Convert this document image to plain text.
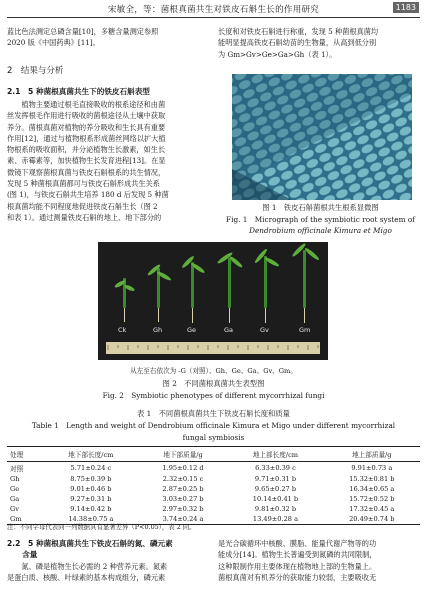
宋敏全，等：菌根真菌共生对铁皮石斛生长的作用研究	1183
蓝比色法测定总磷含量[10]，多糖含量测定参照
2020 版《中国药典》[11]。
2　结果与分析
2.1　5 种菌根真菌共生下的铁皮石斛表型
　　植物主要通过根毛直接吸收的根系途径和由菌
丝发挥根毛作用进行吸收的菌根途径从土壤中获取
养分。菌根真菌对植物的养分吸收和生长具有重要
作用[12]，通过与植物根系形成菌丝网络以扩大植
物根系的吸收面积，并分泌植物生长激素，如生长
素、赤霉素等，加快植物生长发育进程[13]。在显
微镜下观察菌根真菌与铁皮石斛根系的共生情况，
发现 5 种菌根真菌都可与铁皮石斛形成共生关系
(图 1)，与铁皮石斛共生培养 180 d 后发现 5 种菌
根真菌均能不同程度地促进铁皮石斛生长（图 2
和表 1）。通过测量铁皮石斛的地上、地下部分的
长度和对铁皮石斛进行称重，发现 5 种菌根真菌均
能明显提高铁皮石斛幼苗的生物量，从高到低分别
为 Gm>Gv>Ge>Ga>Gh（表 1）。
图 1　铁皮石斛菌根共生根系显微图
Fig. 1　Micrograph of the symbiotic root system of
Dendrobium officinale Kimura et Migo
Ck	Gh	Ge	Ga	Gv	Gm
从左至右依次为 -G（对照）、Gh、Ge、Ga、Gv、Gm。
图 2　不同菌根真菌共生表型图
Fig. 2　Symbiotic phenotypes of different mycorrhizal fungi
表 1　不同菌根真菌共生下铁皮石斛长度和质量
Table 1　Length and weight of Dendrobium officinale Kimura et Migo under different mycorrhizal
fungal symbiosis
处理	地下部长度/cm	地下部质量/g	地上部长度/cm	地上部质量/g
对照	5.71±0.24 c	1.95±0.12 d	6.33±0.39 c	9.91±0.73 a
Gh	8.75±0.39 b	2.32±0.15 c	9.71±0.31 b	15.32±0.81 b
Ge	9.01±0.46 b	2.87±0.25 b	9.65±0.27 b	16.34±0.65 a
Ga	9.27±0.31 b	3.03±0.27 b	10.14±0.41 b	15.72±0.52 b
Gv	9.14±0.42 b	2.97±0.32 b	9.81±0.32 b	17.32±0.45 a
Gm	14.38±0.75 a	3.74±0.24 a	13.49±0.28 a	20.49±0.74 b
注：不同字母代表同一列数据具有显著差异（P<0.05），表 2 同。
2.2　5 种菌根真菌共生下铁皮石斛的氮、磷元素
　　含量
　　氮、磷是植物生长必需的 2 种营养元素。氮素
是蛋白质、核酸、叶绿素的基本构成组分，磷元素
是光合碳循环中核酸、膜脂、能量代谢产物等的功
能成分[14]。植物生长普遍受到氮磷的共同限制，
这种限制作用主要体现在植物地上部的生物量上。
菌根真菌对有机养分的获取能力较弱，主要吸收无
